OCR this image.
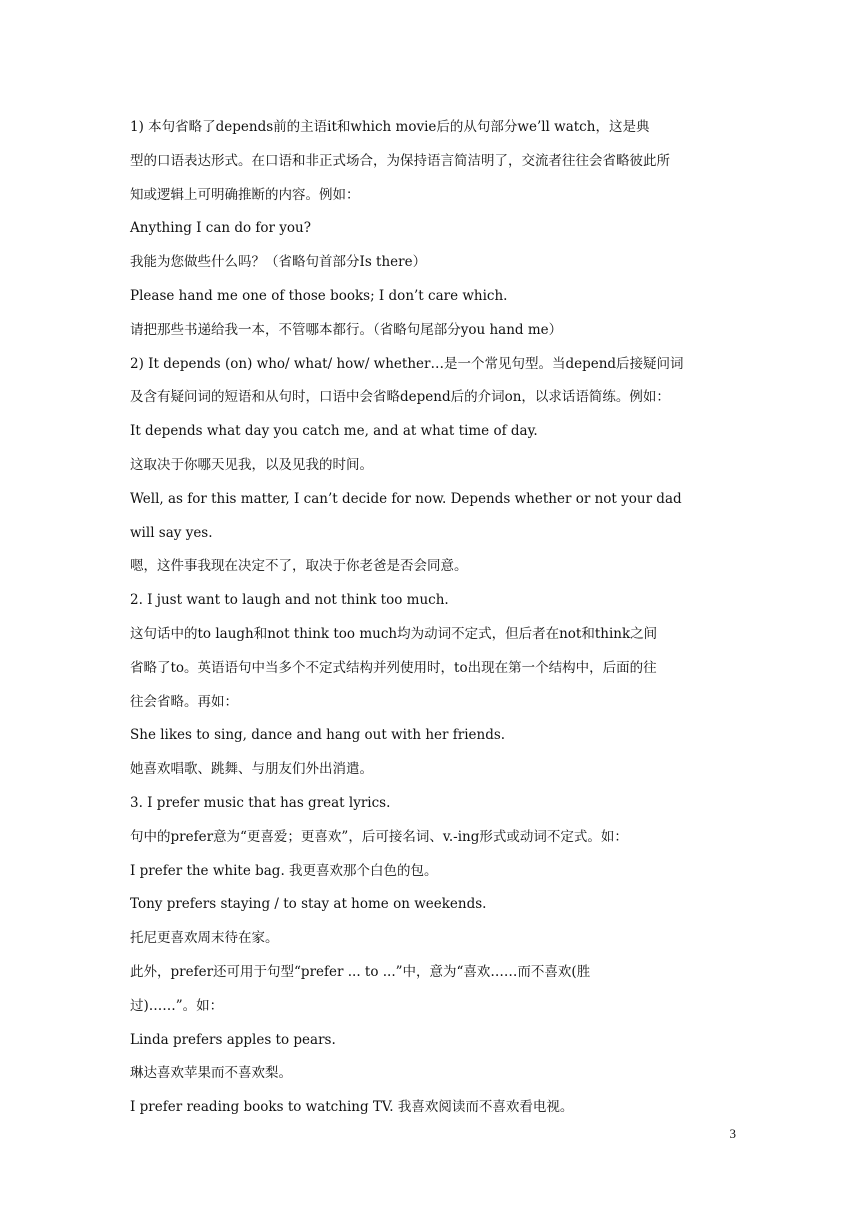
1) 本句省略了depends前的主语it和which movie后的从句部分we’ll watch，这是典
型的口语表达形式。在口语和非正式场合，为保持语言简洁明了，交流者往往会省略彼此所
知或逻辑上可明确推断的内容。例如：
Anything I can do for you?
我能为您做些什么吗？（省略句首部分Is there）
Please hand me one of those books; I don’t care which.
请把那些书递给我一本，不管哪本都行。（省略句尾部分you hand me）
2) It depends (on) who/ what/ how/ whether…是一个常见句型。当depend后接疑问词
及含有疑问词的短语和从句时，口语中会省略depend后的介词on，以求话语简练。例如：
It depends what day you catch me, and at what time of day.
这取决于你哪天见我，以及见我的时间。
Well, as for this matter, I can’t decide for now. Depends whether or not your dad
will say yes.
嗯，这件事我现在决定不了，取决于你老爸是否会同意。
2. I just want to laugh and not think too much.
这句话中的to laugh和not think too much均为动词不定式，但后者在not和think之间
省略了to。英语语句中当多个不定式结构并列使用时，to出现在第一个结构中，后面的往
往会省略。再如：
She likes to sing, dance and hang out with her friends.
她喜欢唱歌、跳舞、与朋友们外出消遣。
3. I prefer music that has great lyrics.
句中的prefer意为“更喜爱；更喜欢”，后可接名词、v.-ing形式或动词不定式。如：
I prefer the white bag. 我更喜欢那个白色的包。
Tony prefers staying / to stay at home on weekends.
托尼更喜欢周末待在家。
此外，prefer还可用于句型“prefer ... to ...”中，意为“喜欢……而不喜欢(胜
过)……”。如：
Linda prefers apples to pears.
琳达喜欢苹果而不喜欢梨。
I prefer reading books to watching TV. 我喜欢阅读而不喜欢看电视。
3
